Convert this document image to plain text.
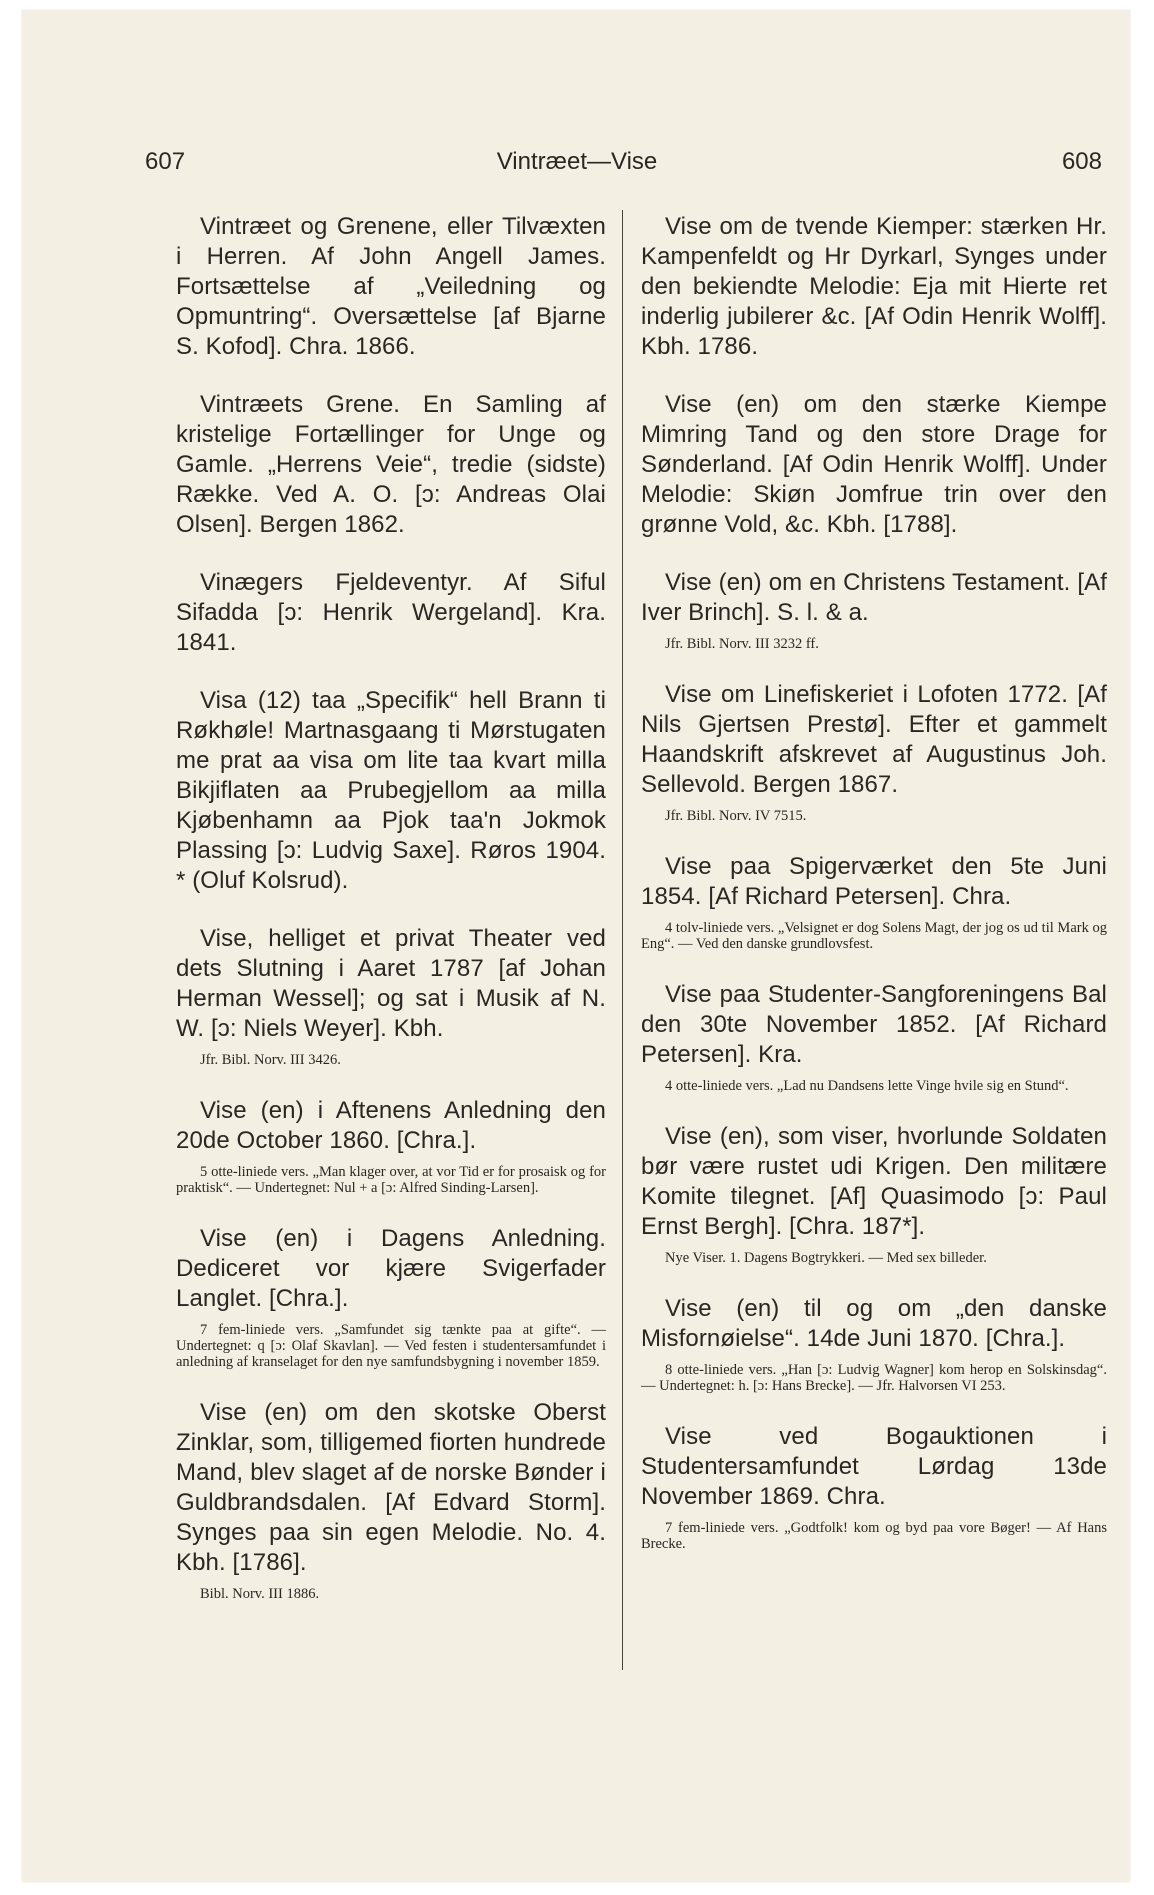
607	Vintræet—Vise	608

Vintræet og Grenene, eller Tilvæxten i Herren. Af John Angell James. Fortsættelse af „Veiledning og Opmuntring“. Oversættelse [af Bjarne S. Kofod]. Chra. 1866.

Vintræets Grene. En Samling af kristelige Fortællinger for Unge og Gamle. „Herrens Veie“, tredie (sidste) Række. Ved A. O. [ɔ: Andreas Olai Olsen]. Bergen 1862.

Vinægers Fjeldeventyr. Af Siful Sifadda [ɔ: Henrik Wergeland]. Kra. 1841.

Visa (12) taa „Specifik“ hell Brann ti Røkhøle! Martnasgaang ti Mørstugaten me prat aa visa om lite taa kvart milla Bikjiflaten aa Prubegjellom aa milla Kjøbenhamn aa Pjok taa'n Jokmok Plassing [ɔ: Ludvig Saxe]. Røros 1904. * (Oluf Kolsrud).

Vise, helliget et privat Theater ved dets Slutning i Aaret 1787 [af Johan Herman Wessel]; og sat i Musik af N. W. [ɔ: Niels Weyer]. Kbh.

Jfr. Bibl. Norv. III 3426.

Vise (en) i Aftenens Anledning den 20de October 1860. [Chra.].

5 otte-liniede vers. „Man klager over, at vor Tid er for prosaisk og for praktisk“. — Undertegnet: Nul + a [ɔ: Alfred Sinding-Larsen].

Vise (en) i Dagens Anledning. Dediceret vor kjære Svigerfader Langlet. [Chra.].

7 fem-liniede vers. „Samfundet sig tænkte paa at gifte“. — Undertegnet: q [ɔ: Olaf Skavlan]. — Ved festen i studentersamfundet i anledning af kranselaget for den nye samfundsbygning i november 1859.

Vise (en) om den skotske Oberst Zinklar, som, tilligemed fiorten hundrede Mand, blev slaget af de norske Bønder i Guldbrandsdalen. [Af Edvard Storm]. Synges paa sin egen Melodie. No. 4. Kbh. [1786].

Bibl. Norv. III 1886.

Vise om de tvende Kiemper: stærken Hr. Kampenfeldt og Hr Dyrkarl, Synges under den bekiendte Melodie: Eja mit Hierte ret inderlig jubilerer &c. [Af Odin Henrik Wolff]. Kbh. 1786.

Vise (en) om den stærke Kiempe Mimring Tand og den store Drage for Sønderland. [Af Odin Henrik Wolff]. Under Melodie: Skiøn Jomfrue trin over den grønne Vold, &c. Kbh. [1788].

Vise (en) om en Christens Testament. [Af Iver Brinch]. S. l. & a.

Jfr. Bibl. Norv. III 3232 ff.

Vise om Linefiskeriet i Lofoten 1772. [Af Nils Gjertsen Prestø]. Efter et gammelt Haandskrift afskrevet af Augustinus Joh. Sellevold. Bergen 1867.

Jfr. Bibl. Norv. IV 7515.

Vise paa Spigerværket den 5te Juni 1854. [Af Richard Petersen]. Chra.

4 tolv-liniede vers. „Velsignet er dog Solens Magt, der jog os ud til Mark og Eng“. — Ved den danske grundlovsfest.

Vise paa Studenter-Sangforeningens Bal den 30te November 1852. [Af Richard Petersen]. Kra.

4 otte-liniede vers. „Lad nu Dandsens lette Vinge hvile sig en Stund“.

Vise (en), som viser, hvorlunde Soldaten bør være rustet udi Krigen. Den militære Komite tilegnet. [Af] Quasimodo [ɔ: Paul Ernst Bergh]. [Chra. 187*].

Nye Viser. 1. Dagens Bogtrykkeri. — Med sex billeder.

Vise (en) til og om „den danske Misfornøielse“. 14de Juni 1870. [Chra.].

8 otte-liniede vers. „Han [ɔ: Ludvig Wagner] kom herop en Solskinsdag“. — Undertegnet: h. [ɔ: Hans Brecke]. — Jfr. Halvorsen VI 253.

Vise ved Bogauktionen i Studentersamfundet Lørdag 13de November 1869. Chra.

7 fem-liniede vers. „Godtfolk! kom og byd paa vore Bøger! — Af Hans Brecke.
